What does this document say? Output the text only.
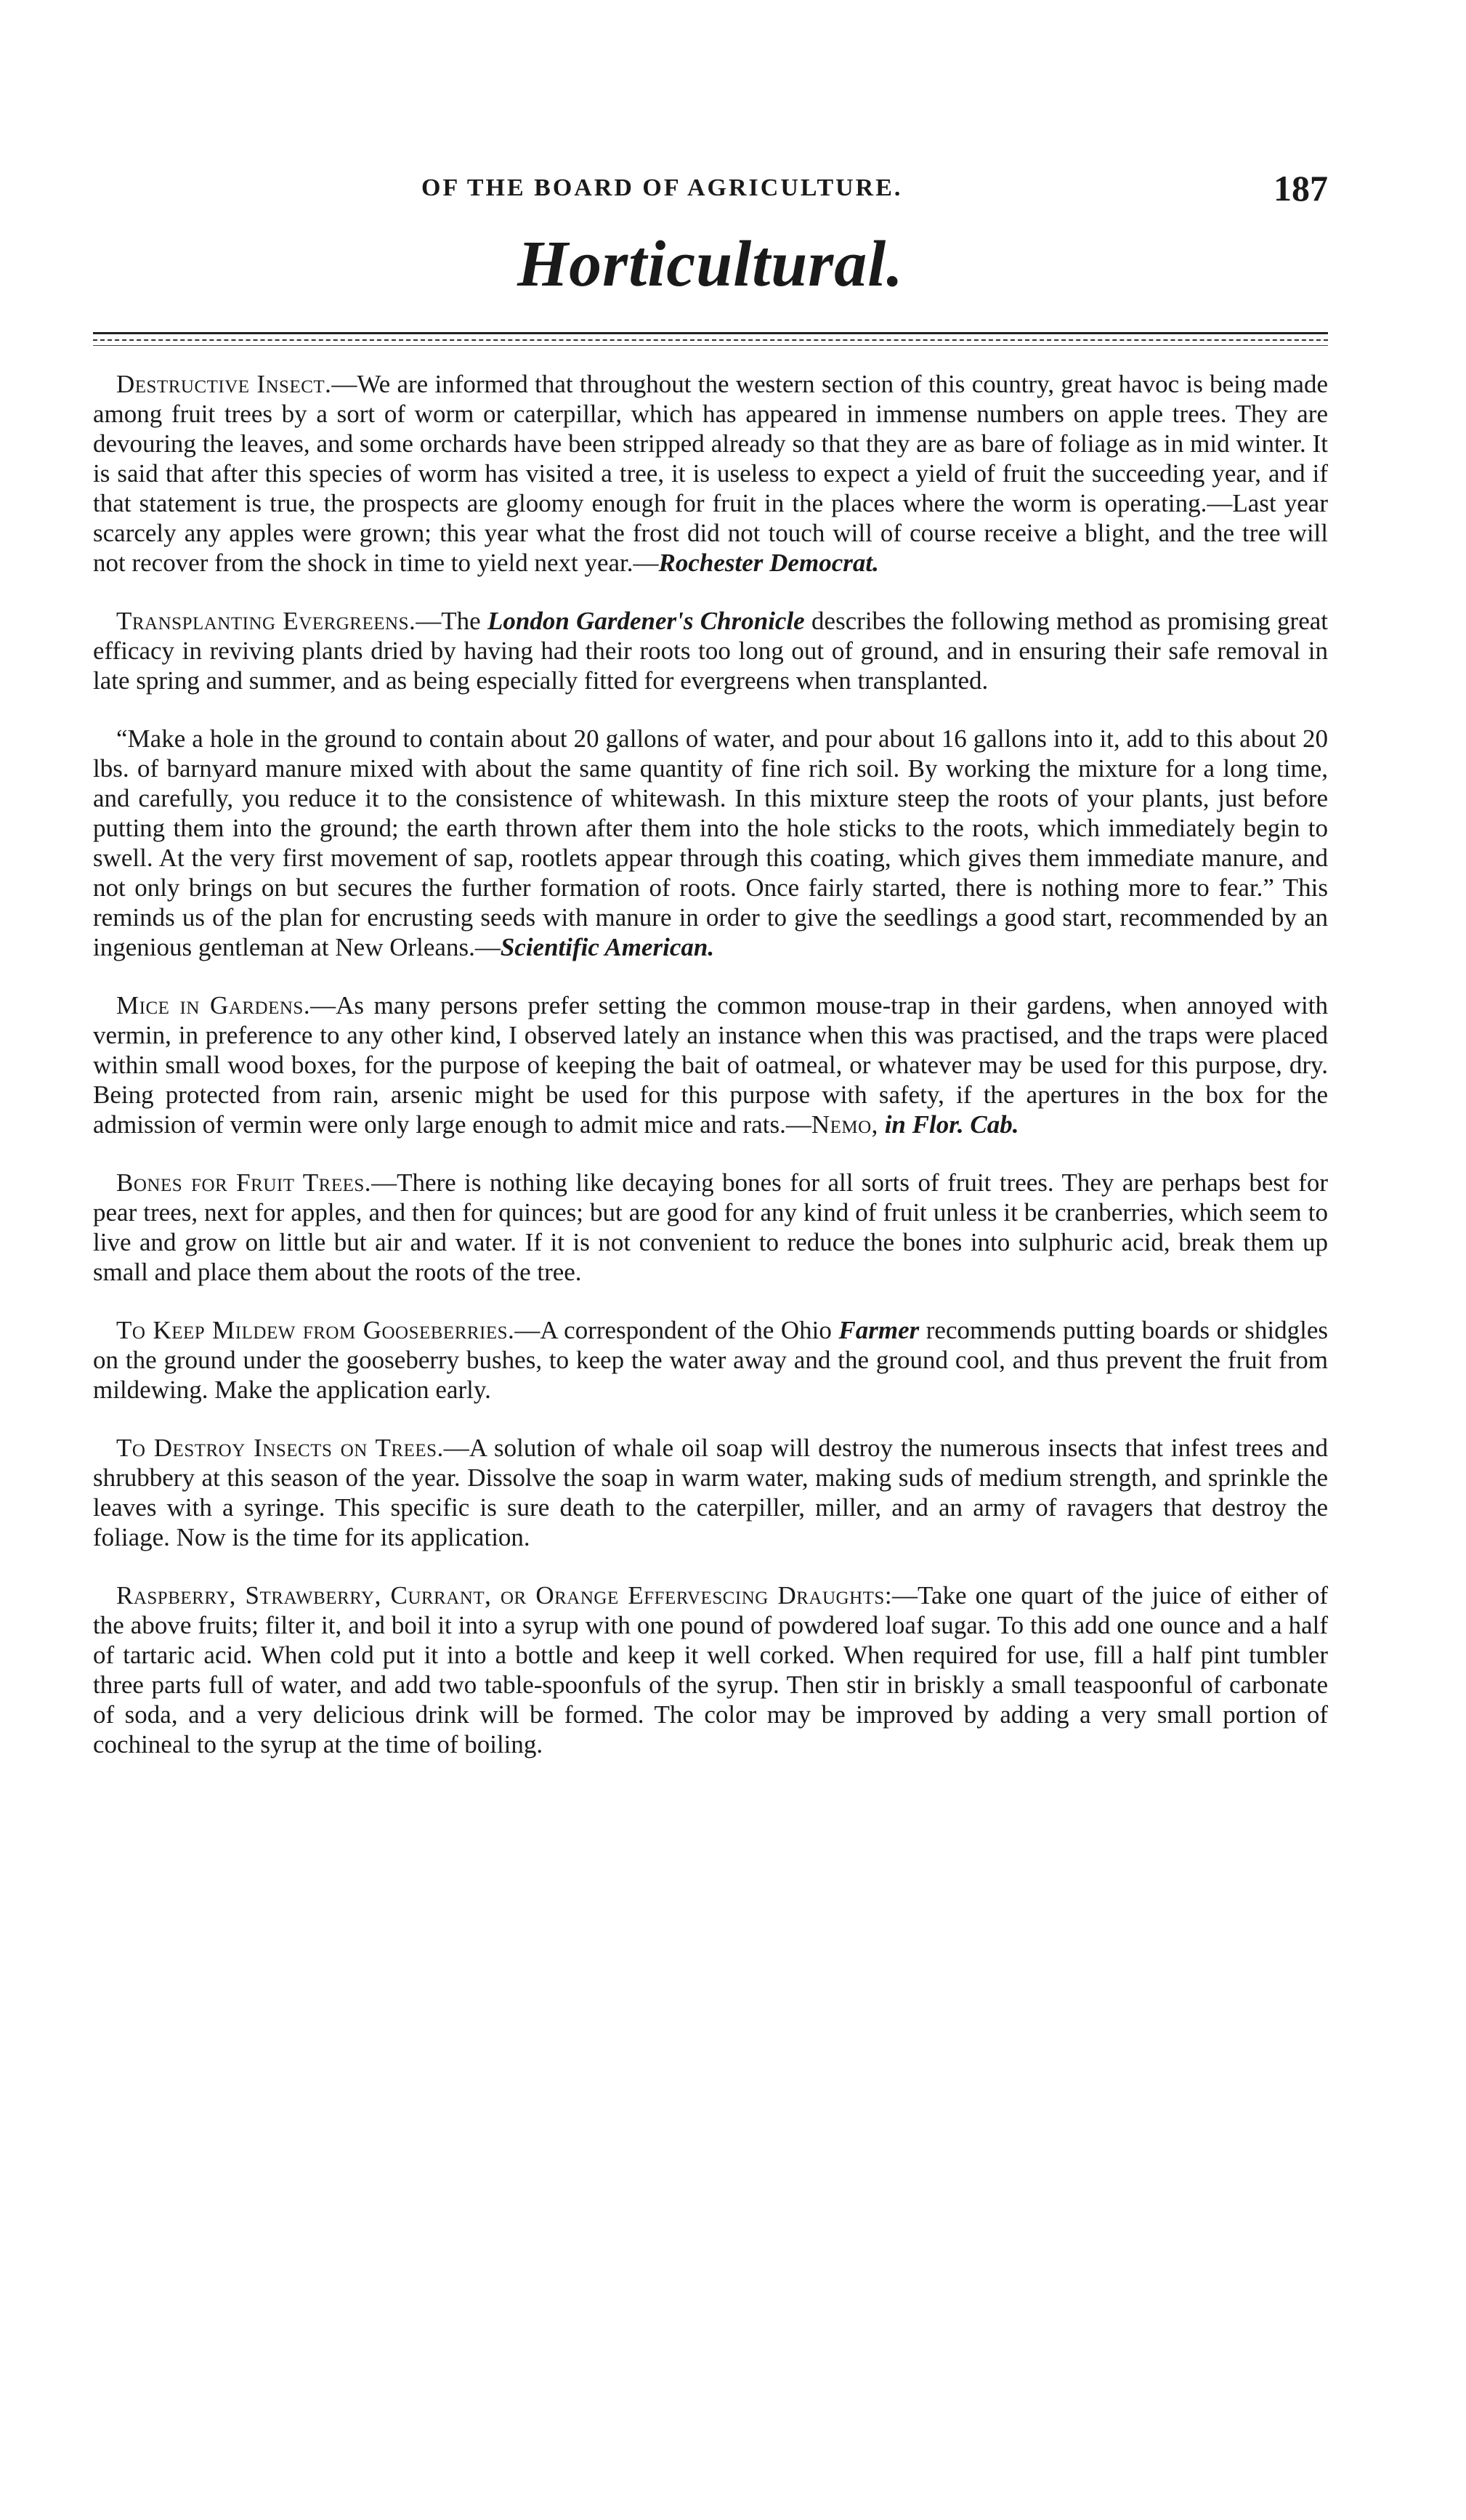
OF THE BOARD OF AGRICULTURE.	187
Horticultural.

Destructive Insect.—We are informed that throughout the western section of this country, great havoc is being made among fruit trees by a sort of worm or caterpillar, which has appeared in immense numbers on apple trees. They are devouring the leaves, and some orchards have been stripped already so that they are as bare of foliage as in mid winter. It is said that after this species of worm has visited a tree, it is useless to expect a yield of fruit the succeeding year, and if that statement is true, the prospects are gloomy enough for fruit in the places where the worm is operating.—Last year scarcely any apples were grown; this year what the frost did not touch will of course receive a blight, and the tree will not recover from the shock in time to yield next year.—Rochester Democrat.

Transplanting Evergreens.—The London Gardener's Chronicle describes the following method as promising great efficacy in reviving plants dried by having had their roots too long out of ground, and in ensuring their safe removal in late spring and summer, and as being especially fitted for evergreens when transplanted.

“Make a hole in the ground to contain about 20 gallons of water, and pour about 16 gallons into it, add to this about 20 lbs. of barnyard manure mixed with about the same quantity of fine rich soil. By working the mixture for a long time, and carefully, you reduce it to the consistence of whitewash. In this mixture steep the roots of your plants, just before putting them into the ground; the earth thrown after them into the hole sticks to the roots, which immediately begin to swell. At the very first movement of sap, rootlets appear through this coating, which gives them immediate manure, and not only brings on but secures the further formation of roots. Once fairly started, there is nothing more to fear.” This reminds us of the plan for encrusting seeds with manure in order to give the seedlings a good start, recommended by an ingenious gentleman at New Orleans.—Scientific American.

Mice in Gardens.—As many persons prefer setting the common mouse-trap in their gardens, when annoyed with vermin, in preference to any other kind, I observed lately an instance when this was practised, and the traps were placed within small wood boxes, for the purpose of keeping the bait of oatmeal, or whatever may be used for this purpose, dry. Being protected from rain, arsenic might be used for this purpose with safety, if the apertures in the box for the admission of vermin were only large enough to admit mice and rats.—Nemo, in Flor. Cab.

Bones for Fruit Trees.—There is nothing like decaying bones for all sorts of fruit trees. They are perhaps best for pear trees, next for apples, and then for quinces; but are good for any kind of fruit unless it be cranberries, which seem to live and grow on little but air and water. If it is not convenient to reduce the bones into sulphuric acid, break them up small and place them about the roots of the tree.

To Keep Mildew from Gooseberries.—A correspondent of the Ohio Farmer recommends putting boards or shidgles on the ground under the gooseberry bushes, to keep the water away and the ground cool, and thus prevent the fruit from mildewing. Make the application early.

To Destroy Insects on Trees.—A solution of whale oil soap will destroy the numerous insects that infest trees and shrubbery at this season of the year. Dissolve the soap in warm water, making suds of medium strength, and sprinkle the leaves with a syringe. This specific is sure death to the caterpiller, miller, and an army of ravagers that destroy the foliage. Now is the time for its application.

Raspberry, Strawberry, Currant, or Orange Effervescing Draughts:—Take one quart of the juice of either of the above fruits; filter it, and boil it into a syrup with one pound of powdered loaf sugar. To this add one ounce and a half of tartaric acid. When cold put it into a bottle and keep it well corked. When required for use, fill a half pint tumbler three parts full of water, and add two table-spoonfuls of the syrup. Then stir in briskly a small teaspoonful of carbonate of soda, and a very delicious drink will be formed. The color may be improved by adding a very small portion of cochineal to the syrup at the time of boiling.
